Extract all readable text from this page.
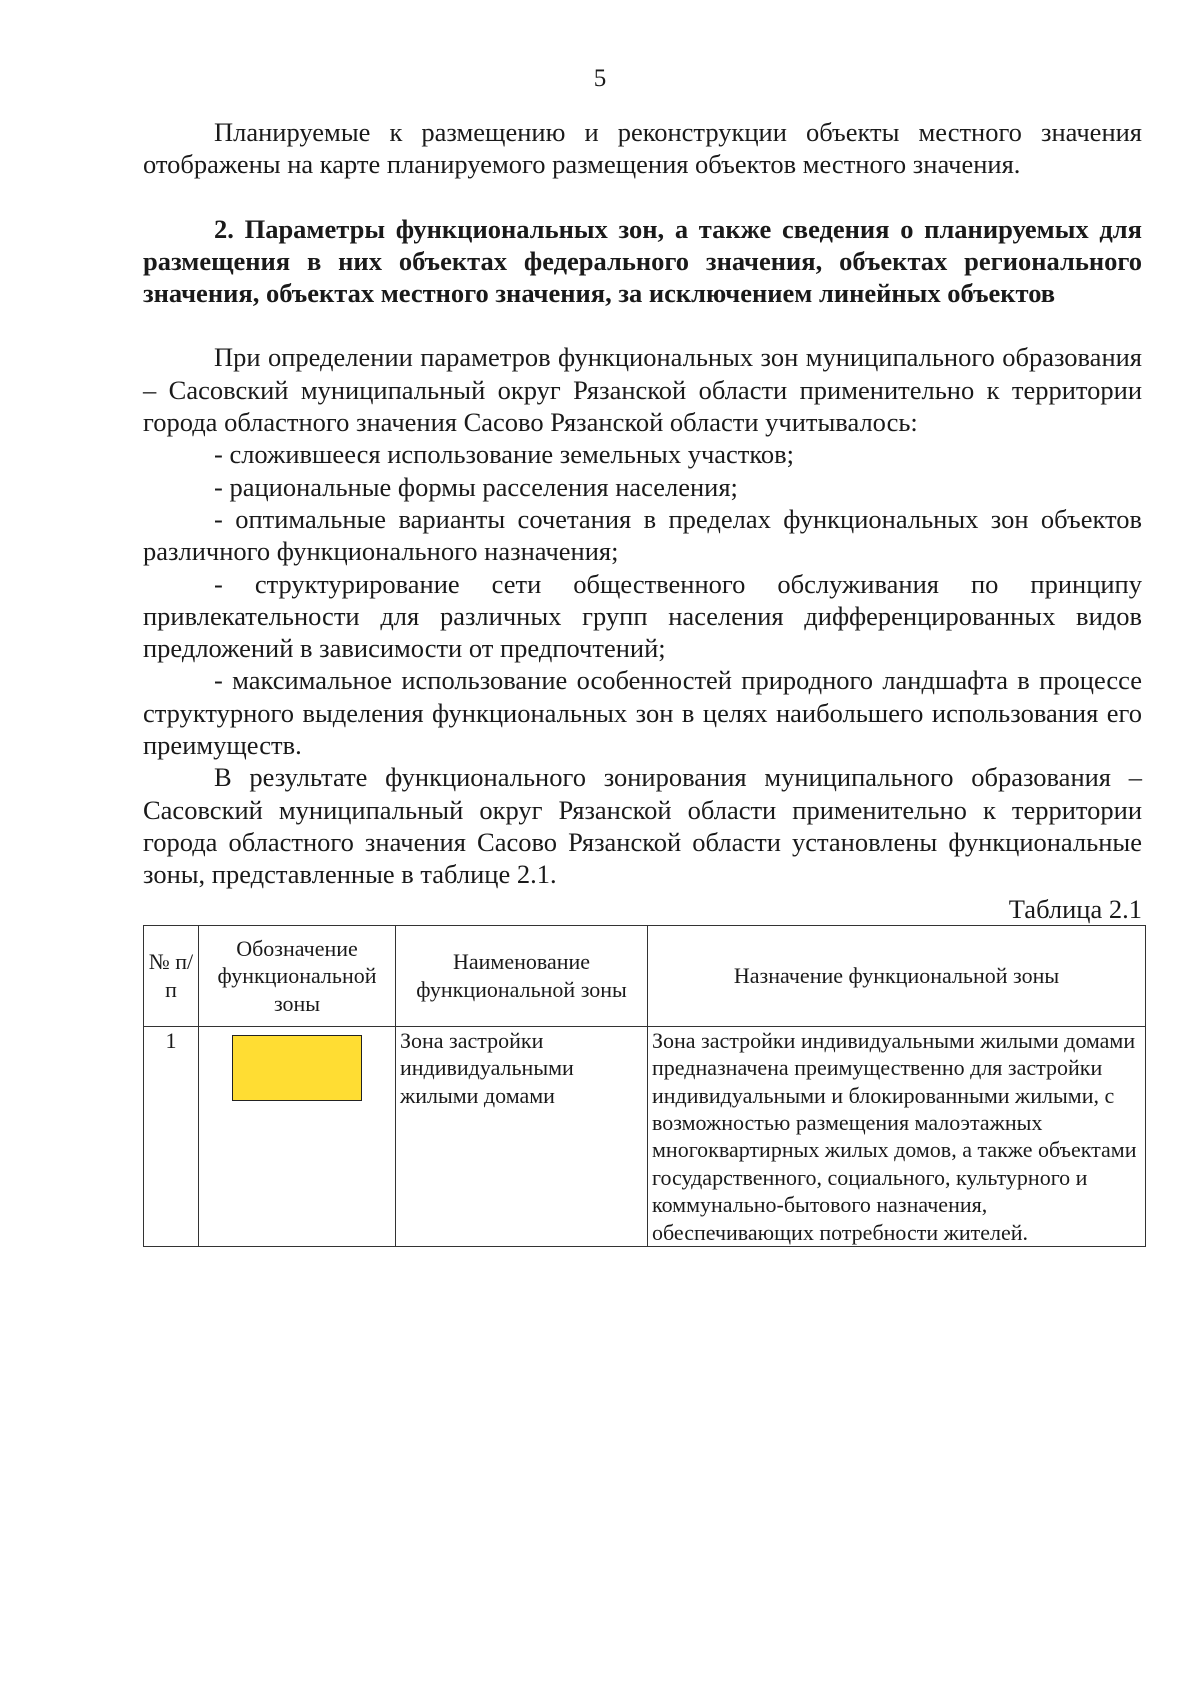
5

Планируемые к размещению и реконструкции объекты местного значения отображены на карте планируемого размещения объектов местного значения.

2. Параметры функциональных зон, а также сведения о планируемых для размещения в них объектах федерального значения, объектах регионального значения, объектах местного значения, за исключением линейных объектов

При определении параметров функциональных зон муниципального образования – Сасовский муниципальный округ Рязанской области применительно к территории города областного значения Сасово Рязанской области учитывалось:

- сложившееся использование земельных участков;

- рациональные формы расселения населения;

- оптимальные варианты сочетания в пределах функциональных зон объектов различного функционального назначения;

- структурирование сети общественного обслуживания по принципу привлекательности для различных групп населения дифференцированных видов предложений в зависимости от предпочтений;

- максимальное использование особенностей природного ландшафта в процессе структурного выделения функциональных зон в целях наибольшего использования его преимуществ.

В результате функционального зонирования муниципального образования – Сасовский муниципальный округ Рязанской области применительно к территории города областного значения Сасово Рязанской области установлены функциональные зоны, представленные в таблице 2.1.

Таблица 2.1

№ п/п	Обозначение функциональной зоны	Наименование функциональной зоны	Назначение функциональной зоны
1		Зона застройки индивидуальными жилыми домами	Зона застройки индивидуальными жилыми домами предназначена преимущественно для застройки индивидуальными и блокированными жилыми, с возможностью размещения малоэтажных многоквартирных жилых домов, а также объектами государственного, социального, культурного и коммунально-бытового назначения, обеспечивающих потребности жителей.
